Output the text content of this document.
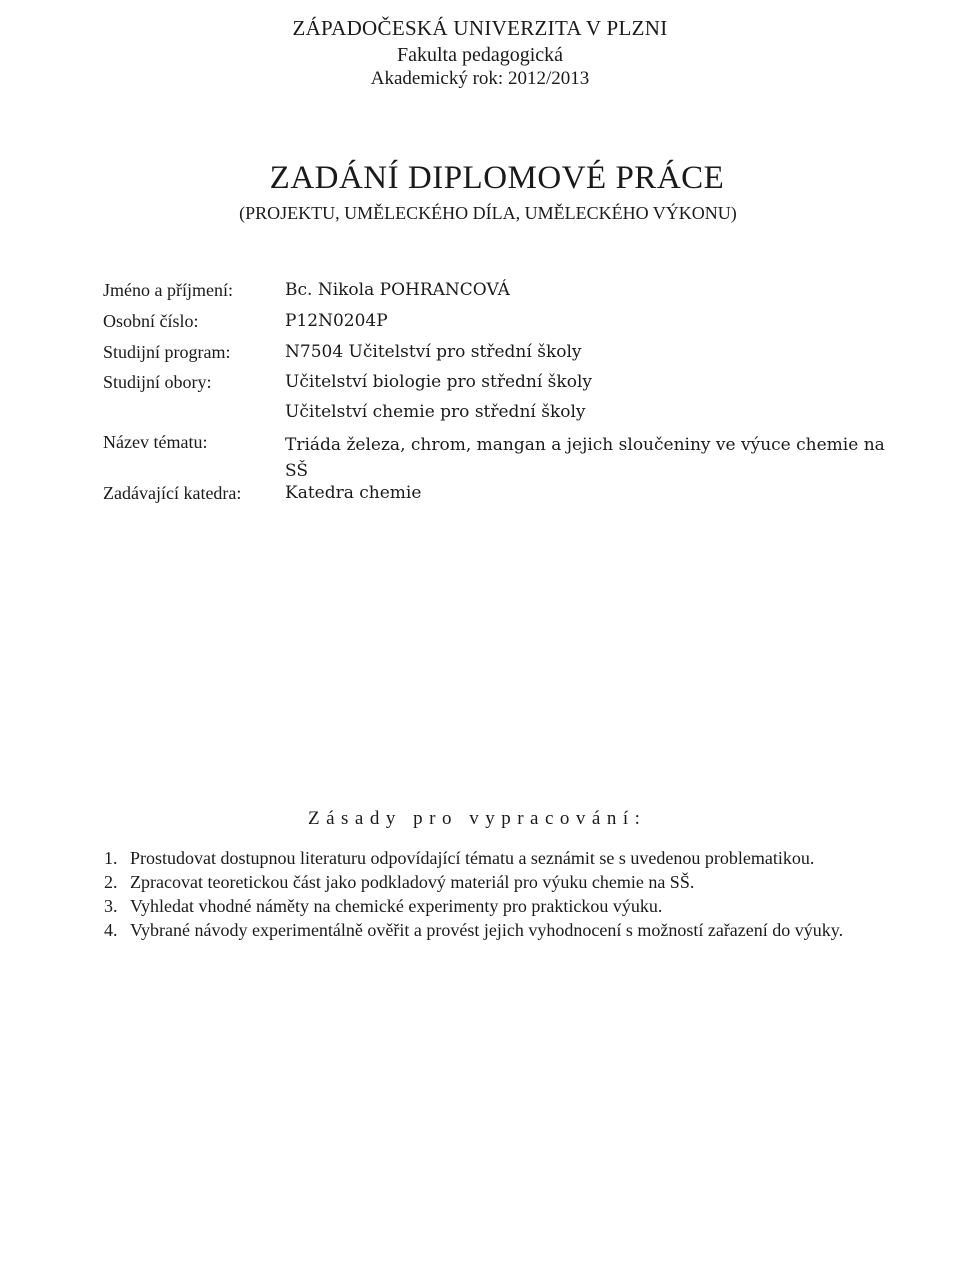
ZÁPADOČESKÁ UNIVERZITA V PLZNI
Fakulta pedagogická
Akademický rok: 2012/2013
ZADÁNÍ DIPLOMOVÉ PRÁCE
(PROJEKTU, UMĚLECKÉHO DÍLA, UMĚLECKÉHO VÝKONU)
Jméno a příjmení:	Bc. Nikola POHRANCOVÁ
Osobní číslo:	P12N0204P
Studijní program:	N7504 Učitelství pro střední školy
Studijní obory:	Učitelství biologie pro střední školy
Učitelství chemie pro střední školy
Název tématu:	Triáda železa, chrom, mangan a jejich sloučeniny ve výuce chemie na SŠ
Zadávající katedra:	Katedra chemie
Zásady pro vypracování:
1. Prostudovat dostupnou literaturu odpovídající tématu a seznámit se s uvedenou problematikou.
2. Zpracovat teoretickou část jako podkladový materiál pro výuku chemie na SŠ.
3. Vyhledat vhodné náměty na chemické experimenty pro praktickou výuku.
4. Vybrané návody experimentálně ověřit a provést jejich vyhodnocení s možností zařazení do výuky.
